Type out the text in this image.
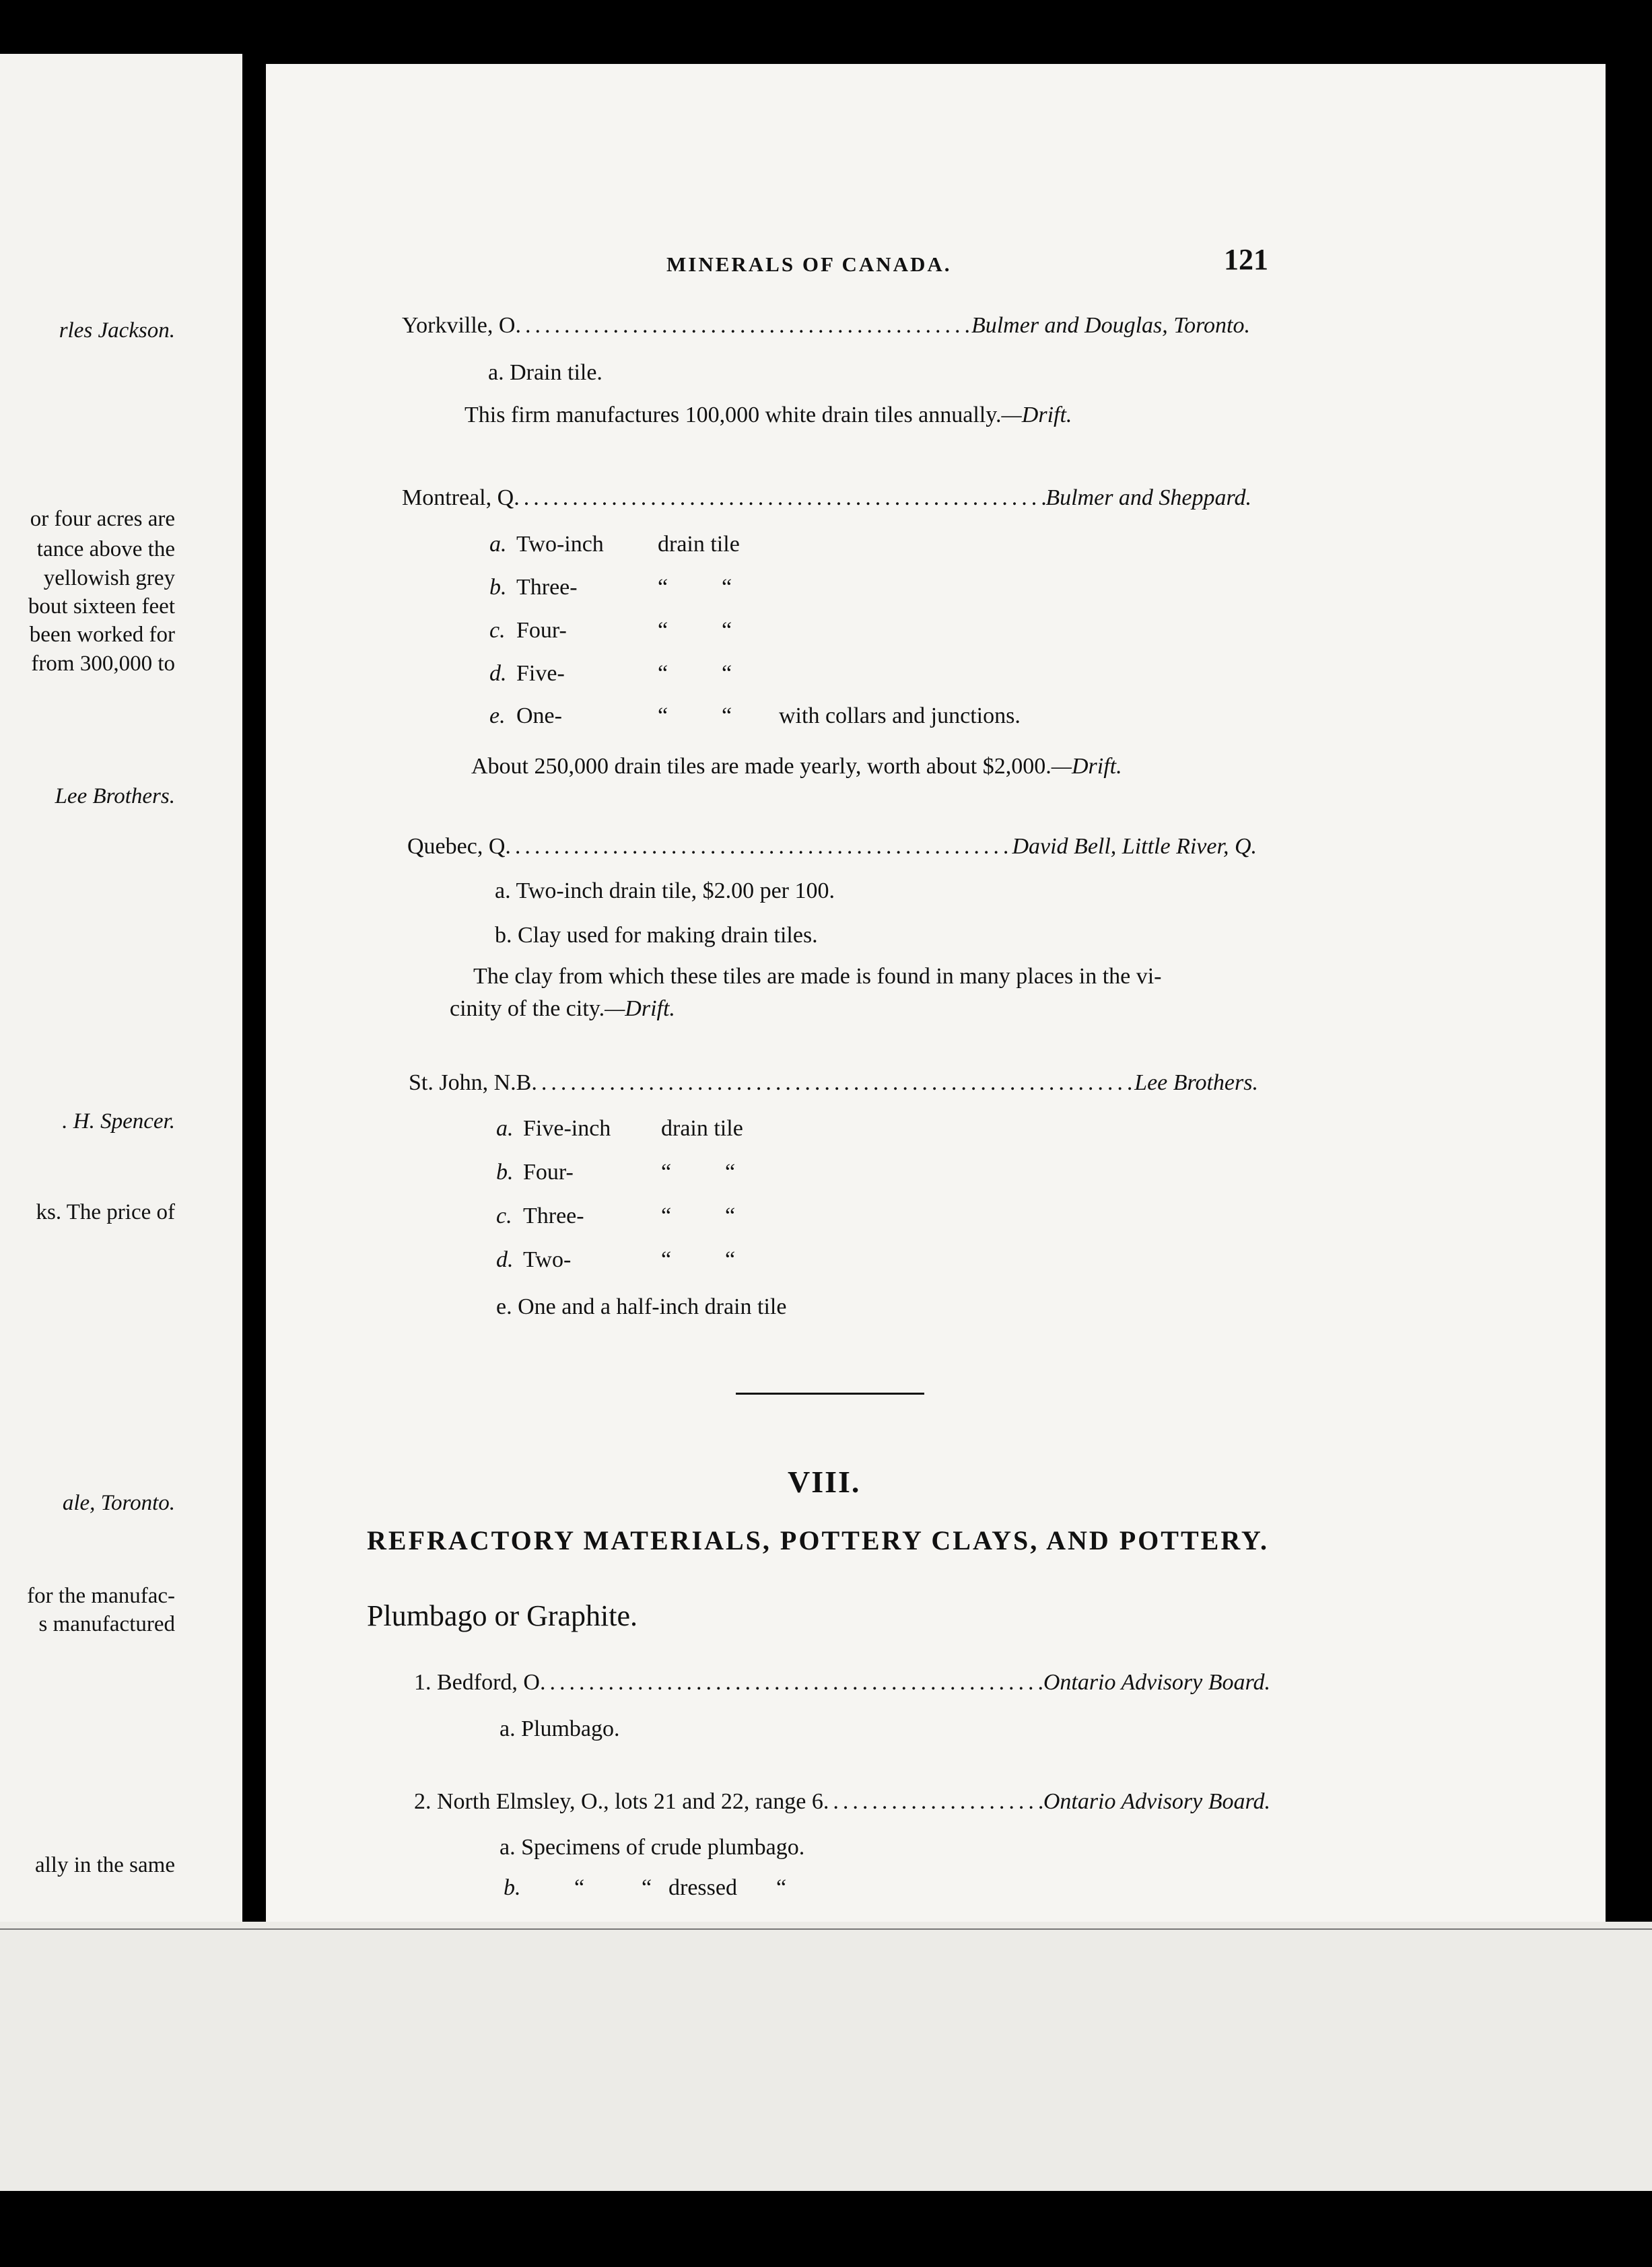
rles Jackson.
or four acres are
tance above the
yellowish grey
bout sixteen feet
been worked for
from 300,000 to
Lee Brothers.
. H. Spencer.
ks. The price of
ale, Toronto.
for the manufac-
s manufactured
ally in the same
MINERALS OF CANADA.	121
Yorkville, O .....	Bulmer and Douglas, Toronto.
a. Drain tile.
This firm manufactures 100,000 white drain tiles annually.—Drift.
Montreal, Q .....	Bulmer and Sheppard.
a. Two-inch drain tile
b. Three-	“ “
c. Four-	“ “
d. Five-	“ “
e. One-	“ “ with collars and junctions.
About 250,000 drain tiles are made yearly, worth about $2,000.—Drift.
Quebec, Q .....	David Bell, Little River, Q.
a. Two-inch drain tile, $2.00 per 100.
b. Clay used for making drain tiles.
The clay from which these tiles are made is found in many places in the vi-
cinity of the city.—Drift.
St. John, N.B .....	Lee Brothers.
a. Five-inch drain tile
b. Four-	“ “
c. Three-	“ “
d. Two-	“ “
e. One and a half-inch drain tile
VIII.
REFRACTORY MATERIALS, POTTERY CLAYS, AND POTTERY.
Plumbago or Graphite.
1. Bedford, O .....	Ontario Advisory Board.
a. Plumbago.
2. North Elmsley, O., lots 21 and 22, range 6 .....	Ontario Advisory Board.
a. Specimens of crude plumbago.
b. “ “ dressed “
